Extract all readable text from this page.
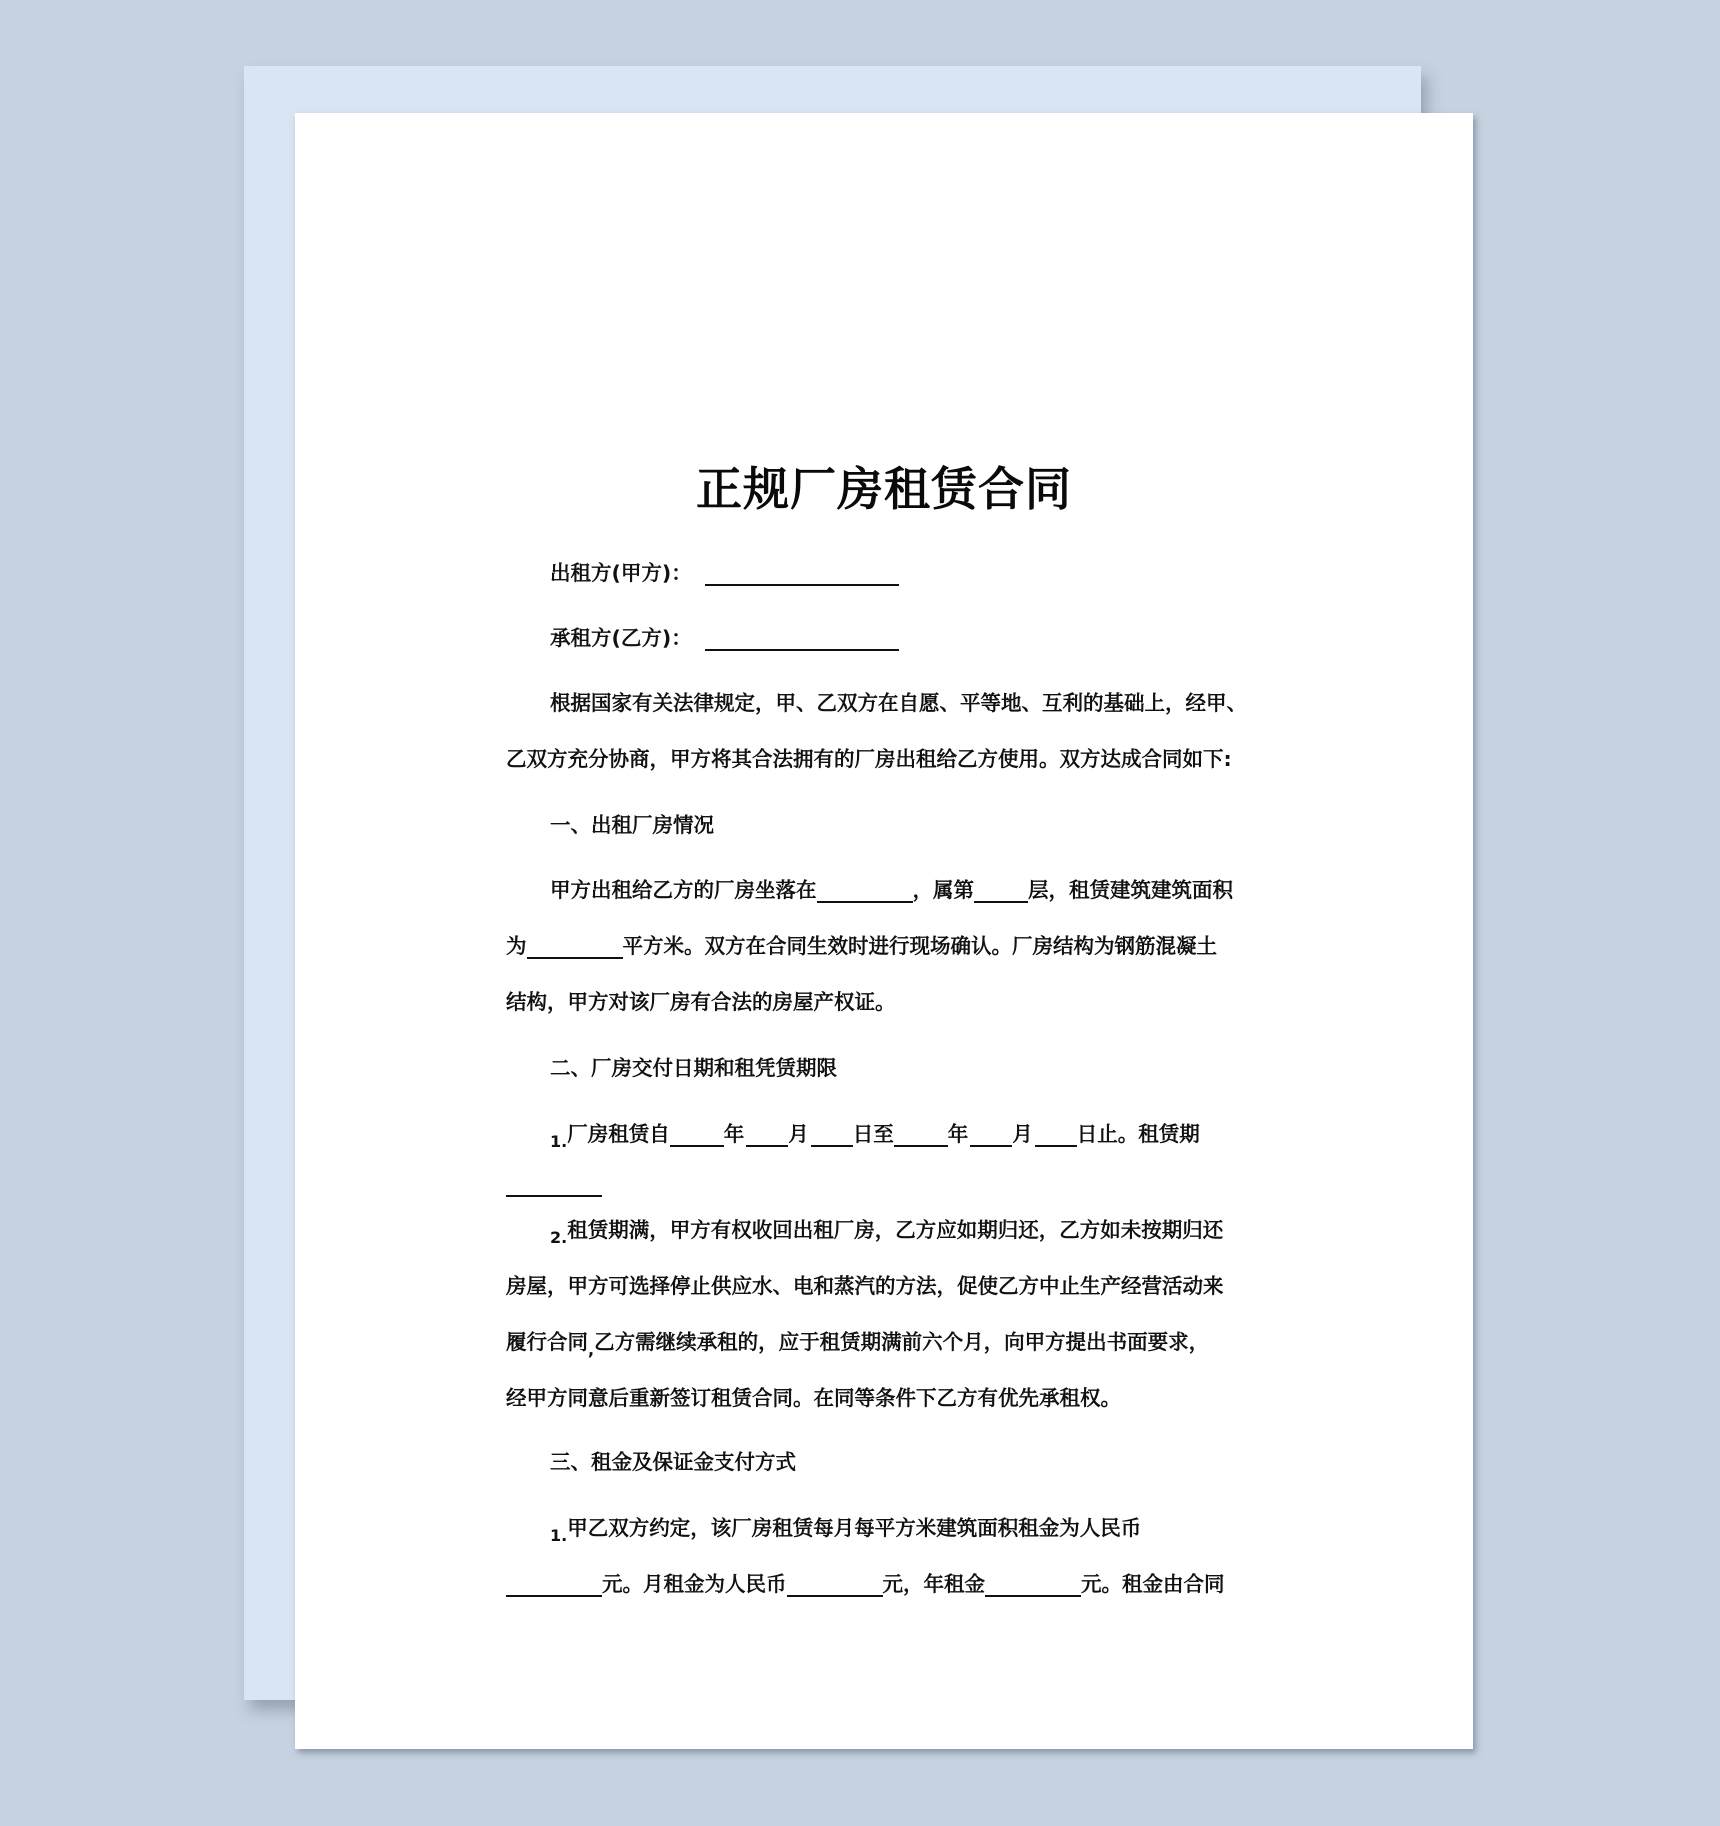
正规厂房租赁合同
出租方(甲方)：
承租方(乙方)：
根据国家有关法律规定，甲、乙双方在自愿、平等地、互利的基础上，经甲、
乙双方充分协商，甲方将其合法拥有的厂房出租给乙方使用。双方达成合同如下:
一、出租厂房情况
甲方出租给乙方的厂房坐落在	，属第	层，租赁建筑建筑面积
为	平方米。双方在合同生效时进行现场确认。厂房结构为钢筋混凝土
结构，甲方对该厂房有合法的房屋产权证。
二、厂房交付日期和租凭赁期限
$_{1.}$厂房租赁自	年 月 日至	年 月 日止。租赁期
$_{2.}$租赁期满，甲方有权收回出租厂房，乙方应如期归还，乙方如未按期归还
房屋，甲方可选择停止供应水、电和蒸汽的方法，促使乙方中止生产经营活动来
履行合同$_,$乙方需继续承租的，应于租赁期满前六个月，向甲方提出书面要求，
经甲方同意后重新签订租赁合同。在同等条件下乙方有优先承租权。
三、租金及保证金支付方式
$_{1.}$甲乙双方约定，该厂房租赁每月每平方米建筑面积租金为人民币
元。月租金为人民币	元，年租金	元。租金由合同
